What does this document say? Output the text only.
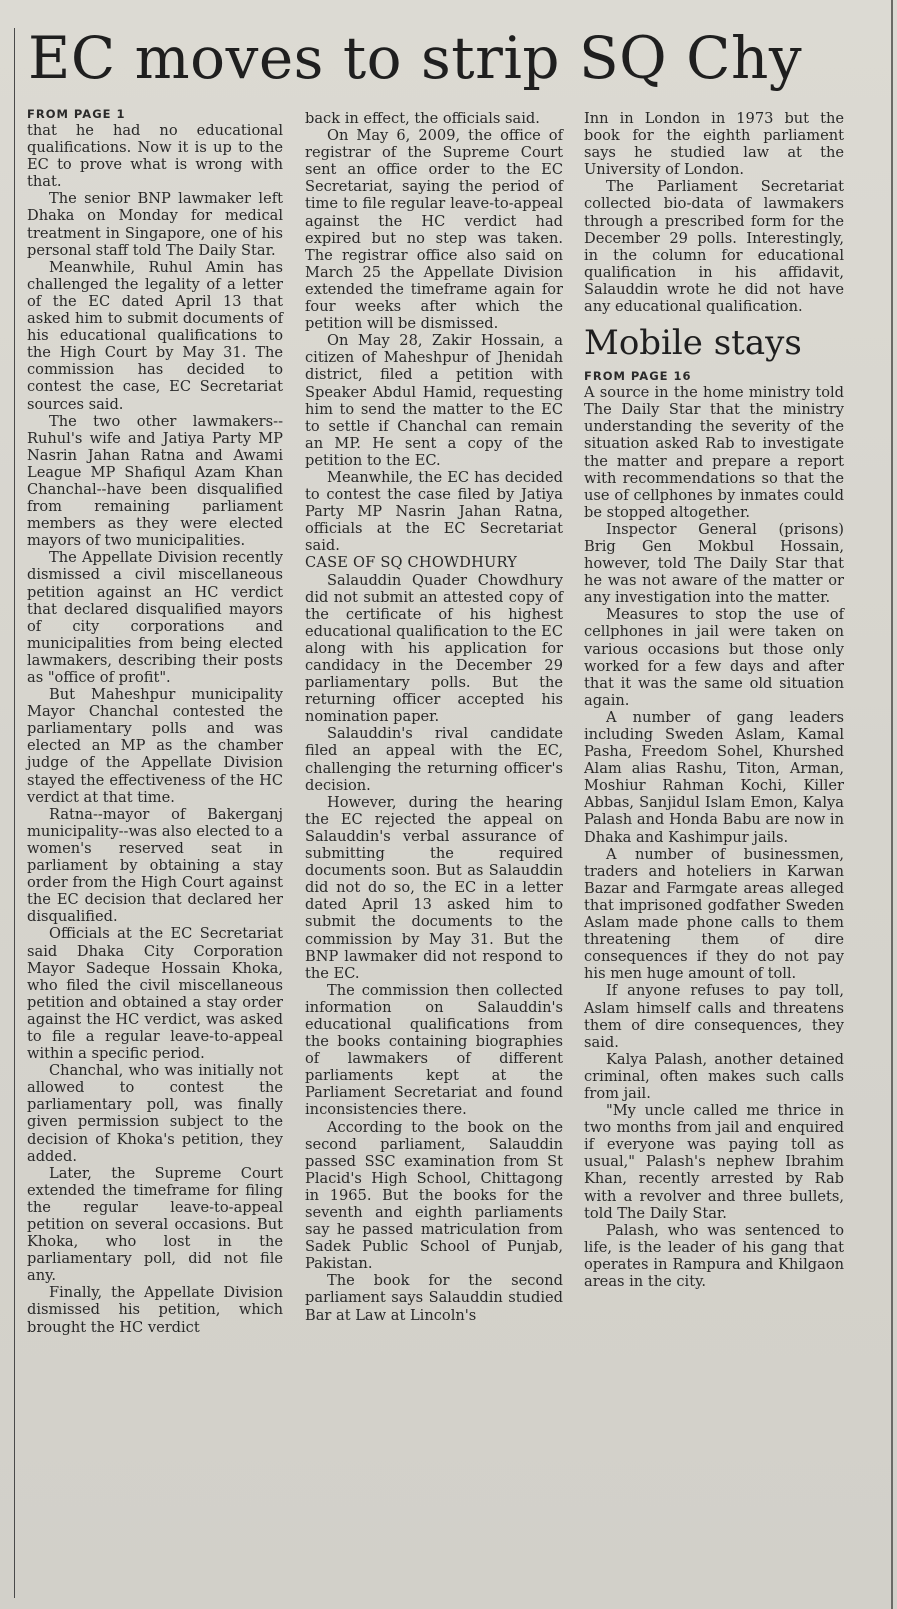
EC moves to strip SQ Chy

FROM PAGE 1

that he had no educational qualifications. Now it is up to the EC to prove what is wrong with that.

The senior BNP lawmaker left Dhaka on Monday for medical treatment in Singapore, one of his personal staff told The Daily Star.

Meanwhile, Ruhul Amin has challenged the legality of a letter of the EC dated April 13 that asked him to submit documents of his educational qualifications to the High Court by May 31. The commission has decided to contest the case, EC Secretariat sources said.

The two other lawmakers--Ruhul's wife and Jatiya Party MP Nasrin Jahan Ratna and Awami League MP Shafiqul Azam Khan Chanchal--have been disqualified from remaining parliament members as they were elected mayors of two municipalities.

The Appellate Division recently dismissed a civil miscellaneous petition against an HC verdict that declared disqualified mayors of city corporations and municipalities from being elected lawmakers, describing their posts as "office of profit".

But Maheshpur municipality Mayor Chanchal contested the parliamentary polls and was elected an MP as the chamber judge of the Appellate Division stayed the effectiveness of the HC verdict at that time.

Ratna--mayor of Bakerganj municipality--was also elected to a women's reserved seat in parliament by obtaining a stay order from the High Court against the EC decision that declared her disqualified.

Officials at the EC Secretariat said Dhaka City Corporation Mayor Sadeque Hossain Khoka, who filed the civil miscellaneous petition and obtained a stay order against the HC verdict, was asked to file a regular leave-to-appeal within a specific period.

Chanchal, who was initially not allowed to contest the parliamentary poll, was finally given permission subject to the decision of Khoka's petition, they added.

Later, the Supreme Court extended the timeframe for filing the regular leave-to-appeal petition on several occasions. But Khoka, who lost in the parliamentary poll, did not file any.

Finally, the Appellate Division dismissed his petition, which brought the HC verdict

back in effect, the officials said.

On May 6, 2009, the office of registrar of the Supreme Court sent an office order to the EC Secretariat, saying the period of time to file regular leave-to-appeal against the HC verdict had expired but no step was taken. The registrar office also said on March 25 the Appellate Division extended the timeframe again for four weeks after which the petition will be dismissed.

On May 28, Zakir Hossain, a citizen of Maheshpur of Jhenidah district, filed a petition with Speaker Abdul Hamid, requesting him to send the matter to the EC to settle if Chanchal can remain an MP. He sent a copy of the petition to the EC.

Meanwhile, the EC has decided to contest the case filed by Jatiya Party MP Nasrin Jahan Ratna, officials at the EC Secretariat said.

CASE OF SQ CHOWDHURY

Salauddin Quader Chowdhury did not submit an attested copy of the certificate of his highest educational qualification to the EC along with his application for candidacy in the December 29 parliamentary polls. But the returning officer accepted his nomination paper.

Salauddin's rival candidate filed an appeal with the EC, challenging the returning officer's decision.

However, during the hearing the EC rejected the appeal on Salauddin's verbal assurance of submitting the required documents soon. But as Salauddin did not do so, the EC in a letter dated April 13 asked him to submit the documents to the commission by May 31. But the BNP lawmaker did not respond to the EC.

The commission then collected information on Salauddin's educational qualifications from the books containing biographies of lawmakers of different parliaments kept at the Parliament Secretariat and found inconsistencies there.

According to the book on the second parliament, Salauddin passed SSC examination from St Placid's High School, Chittagong in 1965. But the books for the seventh and eighth parliaments say he passed matriculation from Sadek Public School of Punjab, Pakistan.

The book for the second parliament says Salauddin studied Bar at Law at Lincoln's

Inn in London in 1973 but the book for the eighth parliament says he studied law at the University of London.

The Parliament Secretariat collected bio-data of lawmakers through a prescribed form for the December 29 polls. Interestingly, in the column for educational qualification in his affidavit, Salauddin wrote he did not have any educational qualification.

Mobile stays

FROM PAGE 16

A source in the home ministry told The Daily Star that the ministry understanding the severity of the situation asked Rab to investigate the matter and prepare a report with recommendations so that the use of cellphones by inmates could be stopped altogether.

Inspector General (prisons) Brig Gen Mokbul Hossain, however, told The Daily Star that he was not aware of the matter or any investigation into the matter.

Measures to stop the use of cellphones in jail were taken on various occasions but those only worked for a few days and after that it was the same old situation again.

A number of gang leaders including Sweden Aslam, Kamal Pasha, Freedom Sohel, Khurshed Alam alias Rashu, Titon, Arman, Moshiur Rahman Kochi, Killer Abbas, Sanjidul Islam Emon, Kalya Palash and Honda Babu are now in Dhaka and Kashimpur jails.

A number of businessmen, traders and hoteliers in Karwan Bazar and Farmgate areas alleged that imprisoned godfather Sweden Aslam made phone calls to them threatening them of dire consequences if they do not pay his men huge amount of toll.

If anyone refuses to pay toll, Aslam himself calls and threatens them of dire consequences, they said.

Kalya Palash, another detained criminal, often makes such calls from jail.

"My uncle called me thrice in two months from jail and enquired if everyone was paying toll as usual," Palash's nephew Ibrahim Khan, recently arrested by Rab with a revolver and three bullets, told The Daily Star.

Palash, who was sentenced to life, is the leader of his gang that operates in Rampura and Khilgaon areas in the city.
